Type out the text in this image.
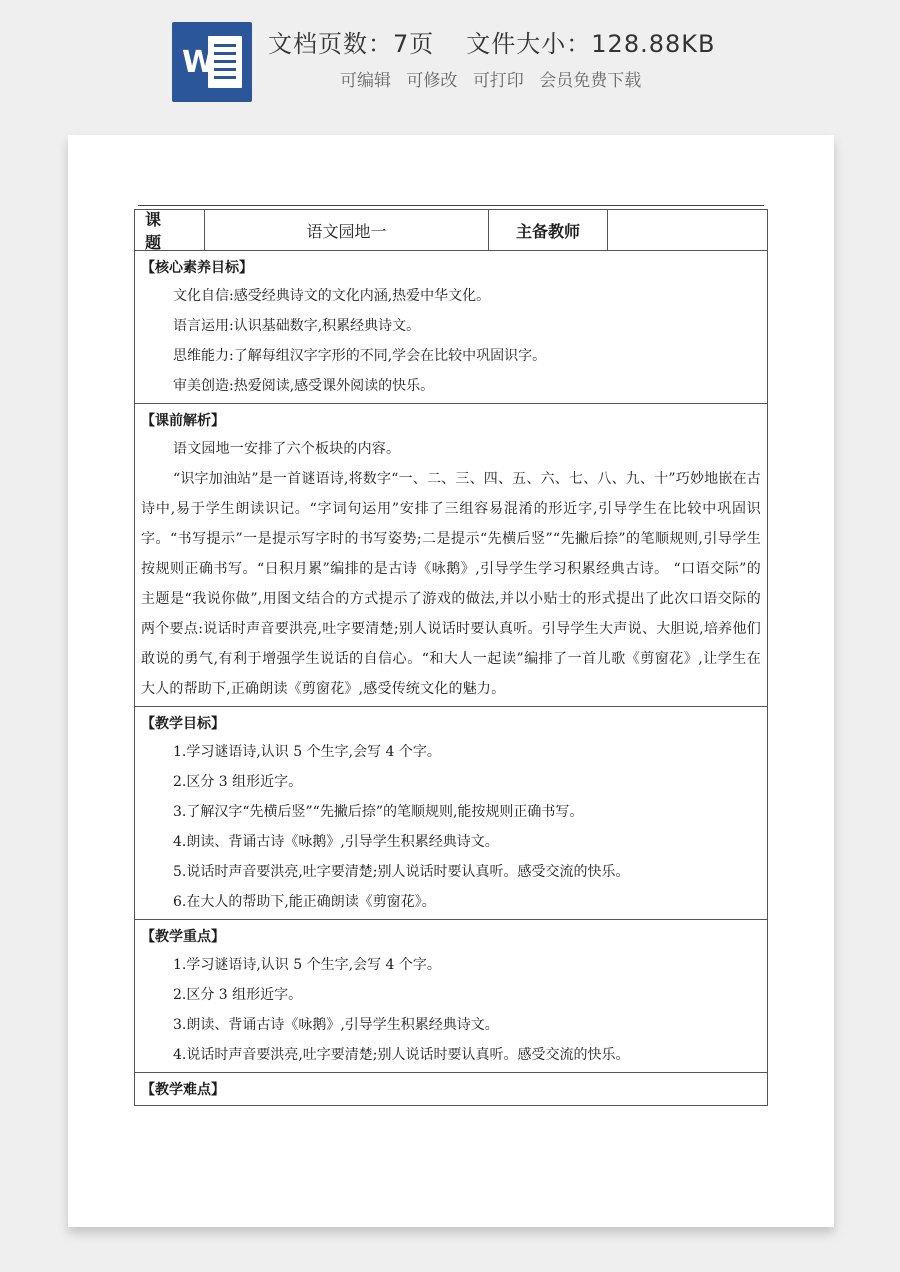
W
文档页数：7页 文件大小：128.88KB
可编辑 可修改 可打印 会员免费下载
课 题
语文园地一	主备教师
【核心素养目标】
文化自信:感受经典诗文的文化内涵,热爱中华文化。
语言运用:认识基础数字,积累经典诗文。
思维能力:了解每组汉字字形的不同,学会在比较中巩固识字。
审美创造:热爱阅读,感受课外阅读的快乐。
【课前解析】

语文园地一安排了六个板块的内容。

“识字加油站”是一首谜语诗,将数字“一、二、三、四、五、六、七、八、九、十”巧妙地嵌在古诗中,易于学生朗读识记。“字词句运用”安排了三组容易混淆的形近字,引导学生在比较中巩固识字。“书写提示”一是提示写字时的书写姿势;二是提示“先横后竖”“先撇后捺”的笔顺规则,引导学生按规则正确书写。“日积月累”编排的是古诗《咏鹅》,引导学生学习积累经典古诗。 “口语交际”的主题是“我说你做”,用图文结合的方式提示了游戏的做法,并以小贴士的形式提出了此次口语交际的两个要点:说话时声音要洪亮,吐字要清楚;别人说话时要认真听。引导学生大声说、大胆说,培养他们敢说的勇气,有利于增强学生说话的自信心。“和大人一起读”编排了一首儿歌《剪窗花》,让学生在大人的帮助下,正确朗读《剪窗花》,感受传统文化的魅力。

【教学目标】
1.学习谜语诗,认识 5 个生字,会写 4 个字。
2.区分 3 组形近字。
3.了解汉字“先横后竖”“先撇后捺”的笔顺规则,能按规则正确书写。
4.朗读、背诵古诗《咏鹅》,引导学生积累经典诗文。
5.说话时声音要洪亮,吐字要清楚;别人说话时要认真听。感受交流的快乐。
6.在大人的帮助下,能正确朗读《剪窗花》。
【教学重点】
1.学习谜语诗,认识 5 个生字,会写 4 个字。
2.区分 3 组形近字。
3.朗读、背诵古诗《咏鹅》,引导学生积累经典诗文。
4.说话时声音要洪亮,吐字要清楚;别人说话时要认真听。感受交流的快乐。
【教学难点】
